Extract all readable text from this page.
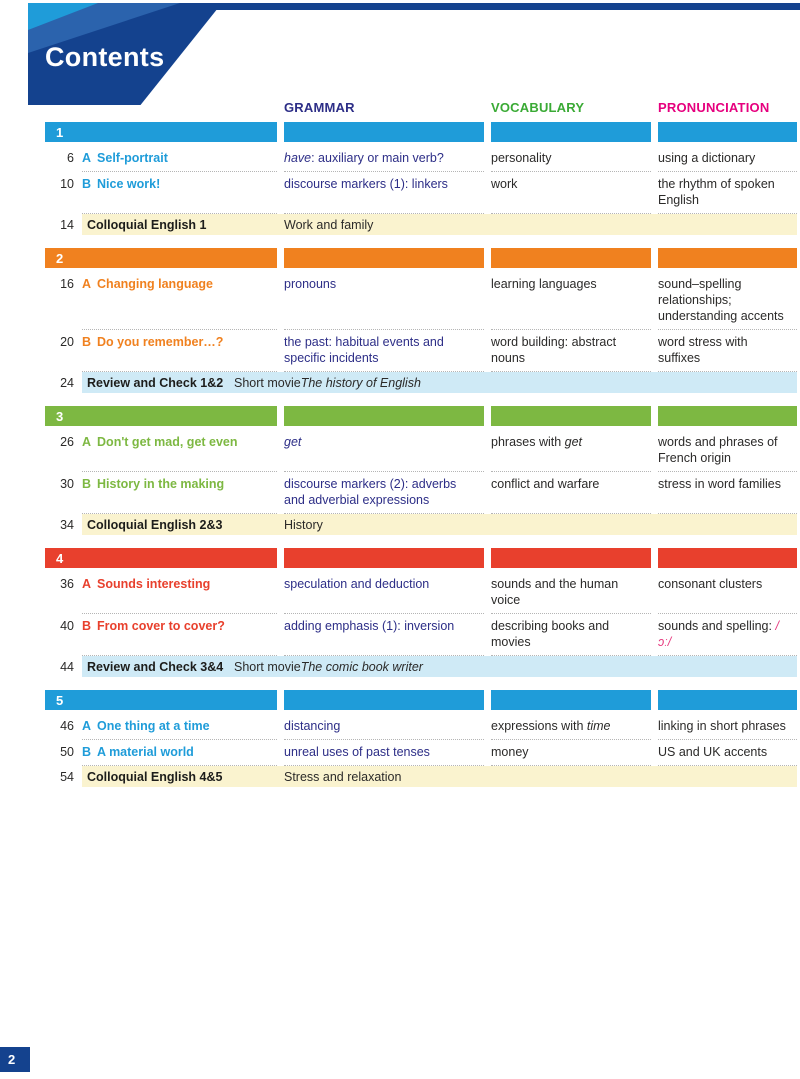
Contents
GRAMMAR	VOCABULARY	PRONUNCIATION
1
6 A Self-portrait	have: auxiliary or main verb?	personality	using a dictionary
10 B Nice work!	discourse markers (1): linkers	work	the rhythm of spoken English
14	Colloquial English 1	Work and family
2
16 A Changing language	pronouns	learning languages	sound–spelling relationships; understanding accents
20 B Do you remember…?	the past: habitual events and specific incidents
word building: abstract nouns
word stress with suffixes
24	Review and Check 1&2 Short movie The history of English
3
26 A Don't get mad, get even	get	phrases with get	words and phrases of French origin
30 B History in the making	discourse markers (2): adverbs and adverbial expressions
conflict and warfare	stress in word families
34	Colloquial English 2&3	History
4
36 A Sounds interesting	speculation and deduction	sounds and the human voice
consonant clusters
40 B From cover to cover?	adding emphasis (1): inversion	describing books and movies
sounds and spelling: /ɔː/
44	Review and Check 3&4 Short movie The comic book writer
5
46 A One thing at a time	distancing	expressions with time	linking in short phrases
50 B A material world	unreal uses of past tenses	money	US and UK accents
54	Colloquial English 4&5	Stress and relaxation
2
